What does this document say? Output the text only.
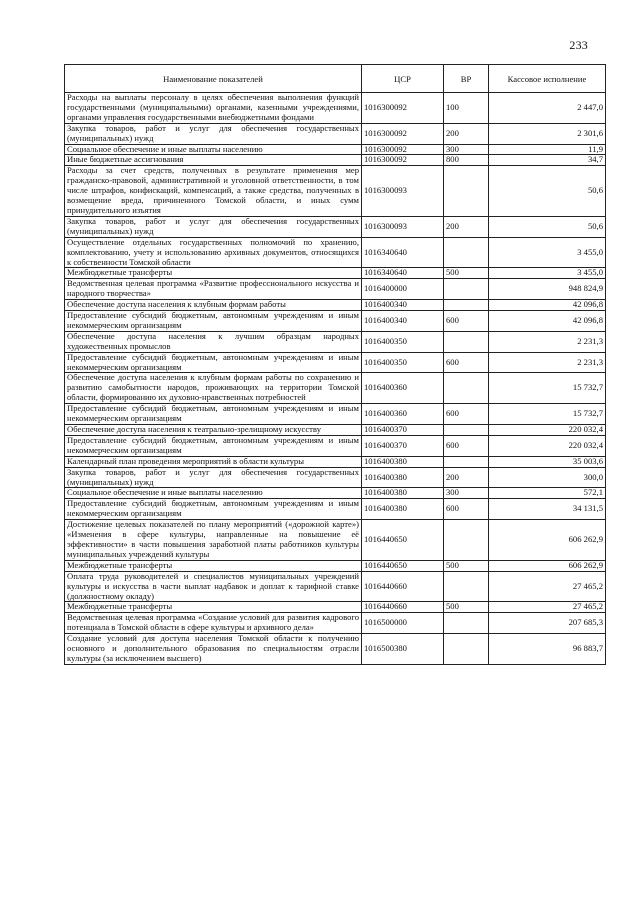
233
Наименование показателей	ЦСР	ВР	Кассовое исполнение
Расходы на выплаты персоналу в целях обеспечения выполнения функций государственными (муниципальными) органами, казенными учреждениями, органами управления государственными внебюджетными фондами	1016300092	100	2 447,0
Закупка товаров, работ и услуг для обеспечения государственных (муниципальных) нужд	1016300092	200	2 301,6
Социальное обеспечение и иные выплаты населению	1016300092	300	11,9
Иные бюджетные ассигнования	1016300092	800	34,7
Расходы за счет средств, полученных в результате применения мер гражданско-правовой, административной и уголовной ответственности, в том числе штрафов, конфискаций, компенсаций, а также средства, полученных в возмещение вреда, причиненного Томской области, и иных сумм принудительного изъятия	1016300093		50,6
Закупка товаров, работ и услуг для обеспечения государственных (муниципальных) нужд	1016300093	200	50,6
Осуществление отдельных государственных полномочий по хранению, комплектованию, учету и использованию архивных документов, относящихся к собственности Томской области	1016340640		3 455,0
Межбюджетные трансферты	1016340640	500	3 455,0
Ведомственная целевая программа «Развитие профессионального искусства и народного творчества»	1016400000		948 824,9
Обеспечение доступа населения к клубным формам работы	1016400340		42 096,8
Предоставление субсидий бюджетным, автономным учреждениям и иным некоммерческим организациям	1016400340	600	42 096,8
Обеспечение доступа населения к лучшим образцам народных художественных промыслов	1016400350		2 231,3
Предоставление субсидий бюджетным, автономным учреждениям и иным некоммерческим организациям	1016400350	600	2 231,3
Обеспечение доступа населения к клубным формам работы по сохранению и развитию самобытности народов, проживающих на территории Томской области, формированию их духовно-нравственных потребностей	1016400360		15 732,7
Предоставление субсидий бюджетным, автономным учреждениям и иным некоммерческим организациям	1016400360	600	15 732,7
Обеспечение доступа населения к театрально-зрелищному искусству	1016400370		220 032,4
Предоставление субсидий бюджетным, автономным учреждениям и иным некоммерческим организациям	1016400370	600	220 032,4
Календарный план проведения мероприятий в области культуры	1016400380		35 003,6
Закупка товаров, работ и услуг для обеспечения государственных (муниципальных) нужд	1016400380	200	300,0
Социальное обеспечение и иные выплаты населению	1016400380	300	572,1
Предоставление субсидий бюджетным, автономным учреждениям и иным некоммерческим организациям	1016400380	600	34 131,5
Достижение целевых показателей по плану мероприятий («дорожной карте») «Изменения в сфере культуры, направленные на повышение её эффективности» в части повышения заработной платы работников культуры муниципальных учреждений культуры	1016440650		606 262,9
Межбюджетные трансферты	1016440650	500	606 262,9
Оплата труда руководителей и специалистов муниципальных учреждений культуры и искусства в части выплат надбавок и доплат к тарифной ставке (должностному окладу)	1016440660		27 465,2
Межбюджетные трансферты	1016440660	500	27 465,2
Ведомственная целевая программа «Создание условий для развития кадрового потенциала в Томской области в сфере культуры и архивного дела»	1016500000		207 685,3
Создание условий для доступа населения Томской области к получению основного и дополнительного образования по специальностям отрасли культуры (за исключением высшего)	1016500380		96 883,7
